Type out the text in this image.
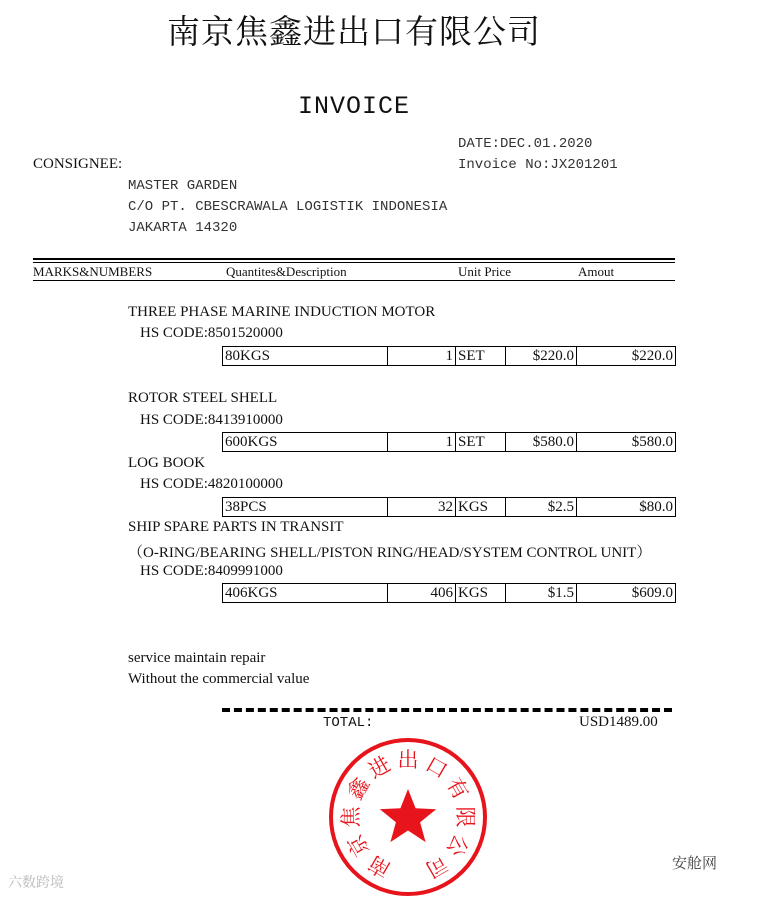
南京焦鑫进出口有限公司
INVOICE
DATE:DEC.01.2020
Invoice No:JX201201
CONSIGNEE:
MASTER GARDEN
C/O PT. CBESCRAWALA LOGISTIK INDONESIA
JAKARTA 14320
MARKS&NUMBERS	Quantites&Description	Unit Price	Amout
THREE PHASE MARINE INDUCTION MOTOR
HS CODE:8501520000
80KGS	1	SET	$220.0	$220.0
ROTOR STEEL SHELL
HS CODE:8413910000
600KGS	1	SET	$580.0	$580.0
LOG BOOK
HS CODE:4820100000
38PCS	32	KGS	$2.5	$80.0
SHIP SPARE PARTS IN TRANSIT
（O-RING/BEARING SHELL/PISTON RING/HEAD/SYSTEM CONTROL UNIT）
HS CODE:8409991000
406KGS	406	KGS	$1.5	$609.0
service maintain repair
Without the commercial value
TOTAL:	USD1489.00
南
京
焦
鑫
进 出 口
有
限
公
司
六数跨境
安舱网
